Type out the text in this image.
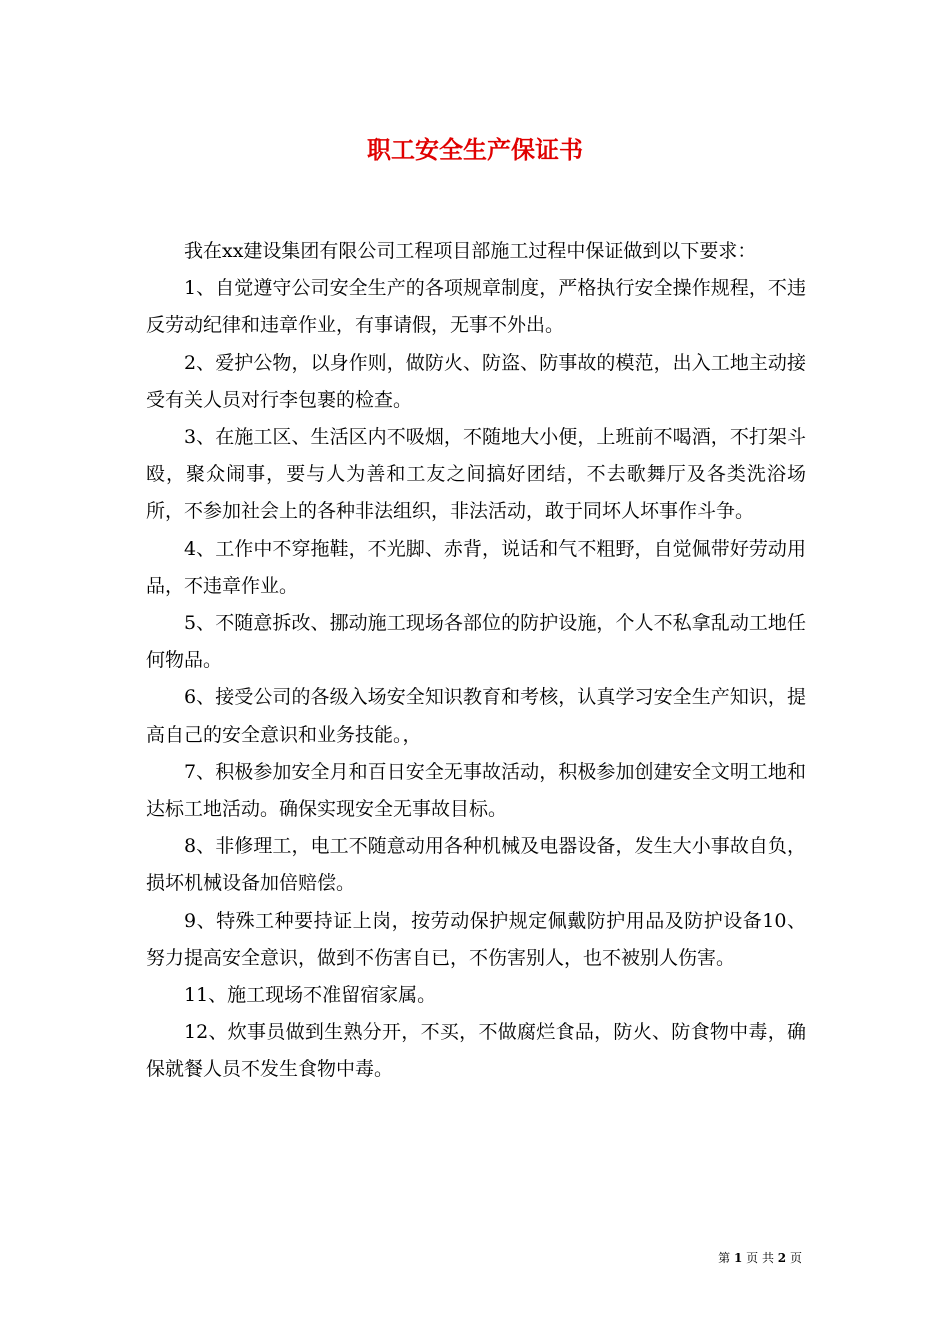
职工安全生产保证书

我在xx建设集团有限公司工程项目部施工过程中保证做到以下要求：

1、自觉遵守公司安全生产的各项规章制度，严格执行安全操作规程，不违反劳动纪律和违章作业，有事请假，无事不外出。

2、爱护公物，以身作则，做防火、防盗、防事故的模范，出入工地主动接受有关人员对行李包裹的检查。

3、在施工区、生活区内不吸烟，不随地大小便，上班前不喝酒，不打架斗殴，聚众闹事，要与人为善和工友之间搞好团结，不去歌舞厅及各类洗浴场所，不参加社会上的各种非法组织，非法活动，敢于同坏人坏事作斗争。

4、工作中不穿拖鞋，不光脚、赤背，说话和气不粗野，自觉佩带好劳动用品，不违章作业。

5、不随意拆改、挪动施工现场各部位的防护设施，个人不私拿乱动工地任何物品。

6、接受公司的各级入场安全知识教育和考核，认真学习安全生产知识，提高自己的安全意识和业务技能。，

7、积极参加安全月和百日安全无事故活动，积极参加创建安全文明工地和达标工地活动。确保实现安全无事故目标。

8、非修理工，电工不随意动用各种机械及电器设备，发生大小事故自负，损坏机械设备加倍赔偿。

9、特殊工种要持证上岗，按劳动保护规定佩戴防护用品及防护设备10、努力提高安全意识，做到不伤害自已，不伤害别人，也不被别人伤害。

11、施工现场不准留宿家属。

12、炊事员做到生熟分开，不买，不做腐烂食品，防火、防食物中毒，确保就餐人员不发生食物中毒。

第 1 页 共 2 页
